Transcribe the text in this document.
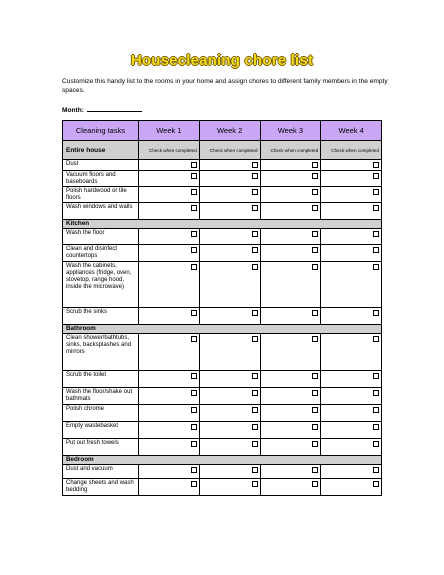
Housecleaning chore list
Customize this handy list to the rooms in your home and assign chores to different family members in the empty spaces.
Month:
Cleaning tasks	Week 1	Week 2	Week 3	Week 4
Entire house	Check when completed	Check when completed	Check when completed	Check when completed
Dust				
Vacuum floors and baseboards				
Polish hardwood or tile floors				
Wash windows and walls				
Kitchen				
Wash the floor				
Clean and disinfect countertops				
Wash the cabinets, appliances (fridge, oven, stovetop, range hood, inside the microwave)				
Scrub the sinks				
Bathroom				
Clean shower/bathtubs, sinks, backsplashes and mirrors				
Scrub the toilet				
Wash the floor/shake out bathmats				
Polish chrome				
Empty wastebasket				
Put out fresh towels				
Bedroom				
Dust and vacuum				
Change sheets and wash bedding				
